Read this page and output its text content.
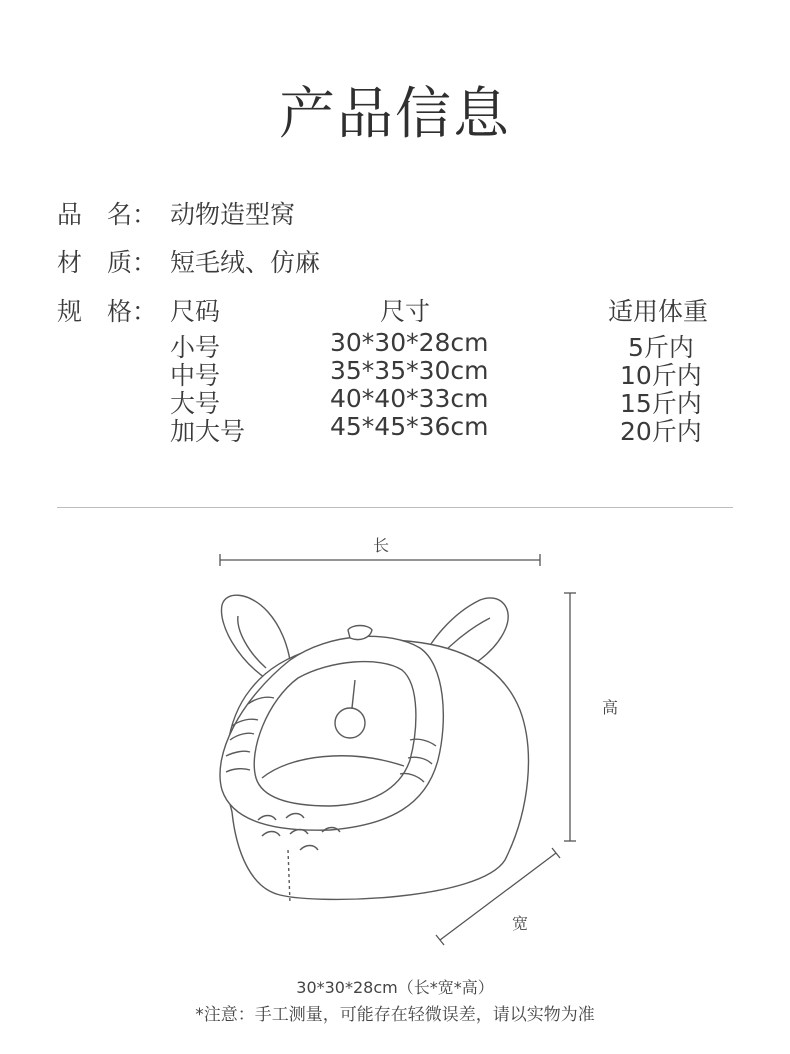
产品信息
品　名： 动物造型窝
材　质： 短毛绒、仿麻
规　格： 尺码	尺寸	适用体重
小号	30*30*28cm	5斤内
中号	35*35*30cm	10斤内
大号	40*40*33cm	15斤内
加大号	45*45*36cm	20斤内
长
高
宽
30*30*28cm（长*宽*高）
*注意：手工测量，可能存在轻微误差，请以实物为准
